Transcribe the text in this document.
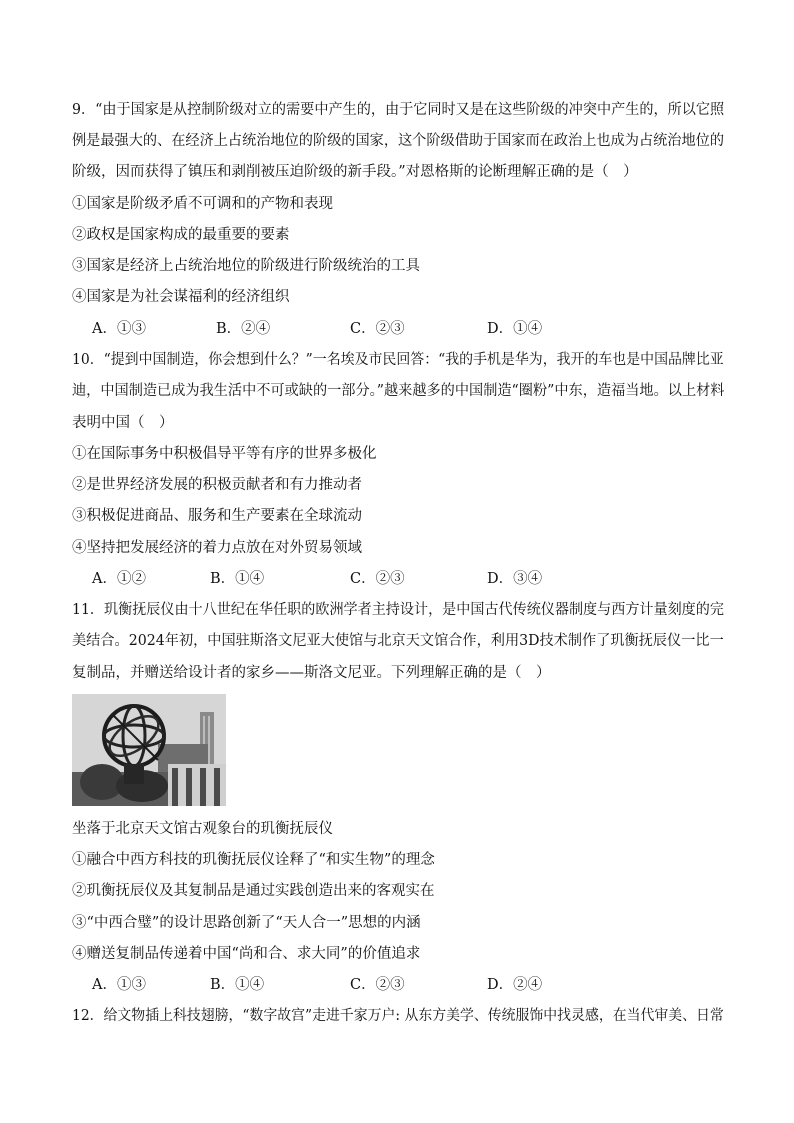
9．“由于国家是从控制阶级对立的需要中产生的，由于它同时又是在这些阶级的冲突中产生的，所以它照
例是最强大的、在经济上占统治地位的阶级的国家，这个阶级借助于国家而在政治上也成为占统治地位的
阶级，因而获得了镇压和剥削被压迫阶级的新手段。”对恩格斯的论断理解正确的是（　）
①国家是阶级矛盾不可调和的产物和表现
②政权是国家构成的最重要的要素
③国家是经济上占统治地位的阶级进行阶级统治的工具
④国家是为社会谋福利的经济组织
A．①③	B．②④	C．②③	D．①④
10．“提到中国制造，你会想到什么？”一名埃及市民回答：“我的手机是华为，我开的车也是中国品牌比亚
迪，中国制造已成为我生活中不可或缺的一部分。”越来越多的中国制造“圈粉”中东，造福当地。以上材料
表明中国（　）
①在国际事务中积极倡导平等有序的世界多极化
②是世界经济发展的积极贡献者和有力推动者
③积极促进商品、服务和生产要素在全球流动
④坚持把发展经济的着力点放在对外贸易领域
A．①②	B．①④	C．②③	D．③④
11．玑衡抚辰仪由十八世纪在华任职的欧洲学者主持设计，是中国古代传统仪器制度与西方计量刻度的完
美结合。2024年初，中国驻斯洛文尼亚大使馆与北京天文馆合作，利用3D技术制作了玑衡抚辰仪一比一
复制品，并赠送给设计者的家乡——斯洛文尼亚。下列理解正确的是（　）
坐落于北京天文馆古观象台的玑衡抚辰仪
①融合中西方科技的玑衡抚辰仪诠释了“和实生物”的理念
②玑衡抚辰仪及其复制品是通过实践创造出来的客观实在
③“中西合璧”的设计思路创新了“天人合一”思想的内涵
④赠送复制品传递着中国“尚和合、求大同”的价值追求
A．①③	B．①④	C．②③	D．②④
12．给文物插上科技翅膀，“数字故宫”走进千家万户: 从东方美学、传统服饰中找灵感，在当代审美、日常
